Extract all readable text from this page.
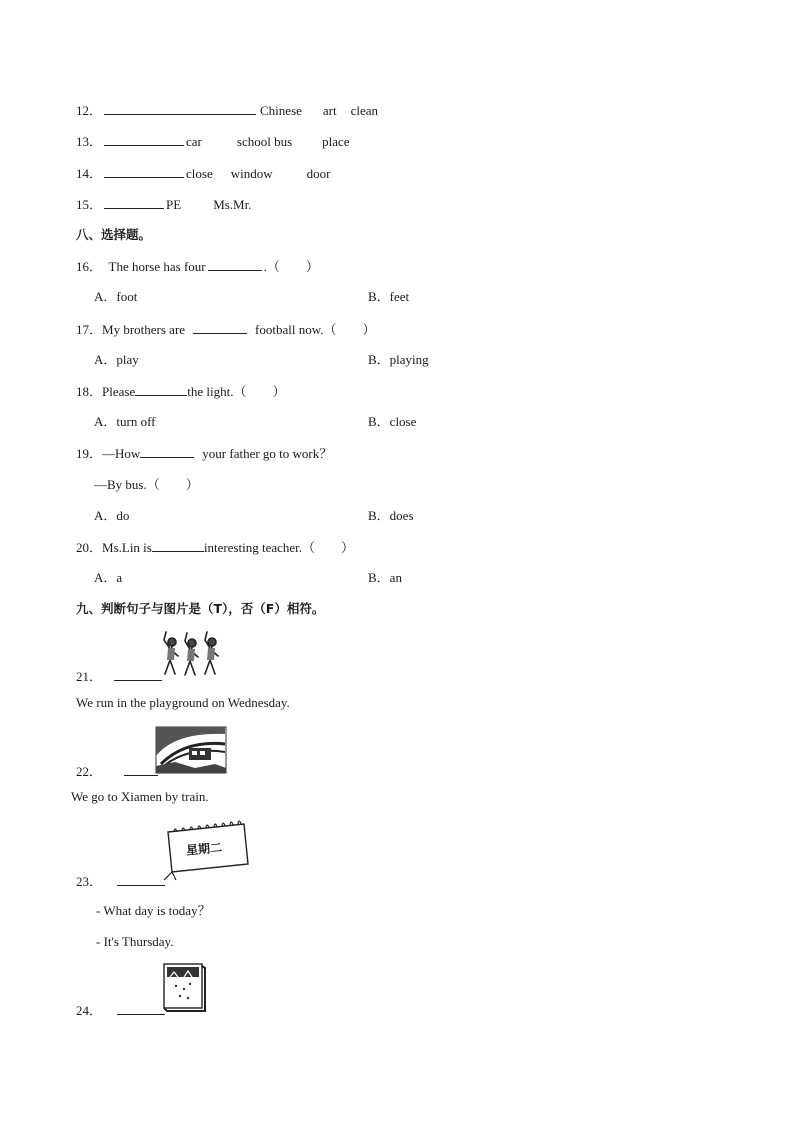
12．	Chinese art clean
13．	car	school bus place
14．	close window	door
15．	PE Ms.Mr.
八、选择题。
16． The horse has four	.（　　）
A．foot	B．feet
17．My brothers are	football now.（　　）
A．play	B．playing
18．Please	the light.（　　）
A．turn off	B．close
19．—How	your father go to work？
—By bus.（　　）
A．do	B．does
20．Ms.Lin is	interesting teacher.（　　）
A．a	B．an
九、判断句子与图片是（T），否（F）相符。
21．
We run in the playground on Wednesday.
22．
We go to Xiamen by train.
23．
星期二
- What day is today？
- It's Thursday.
24．
